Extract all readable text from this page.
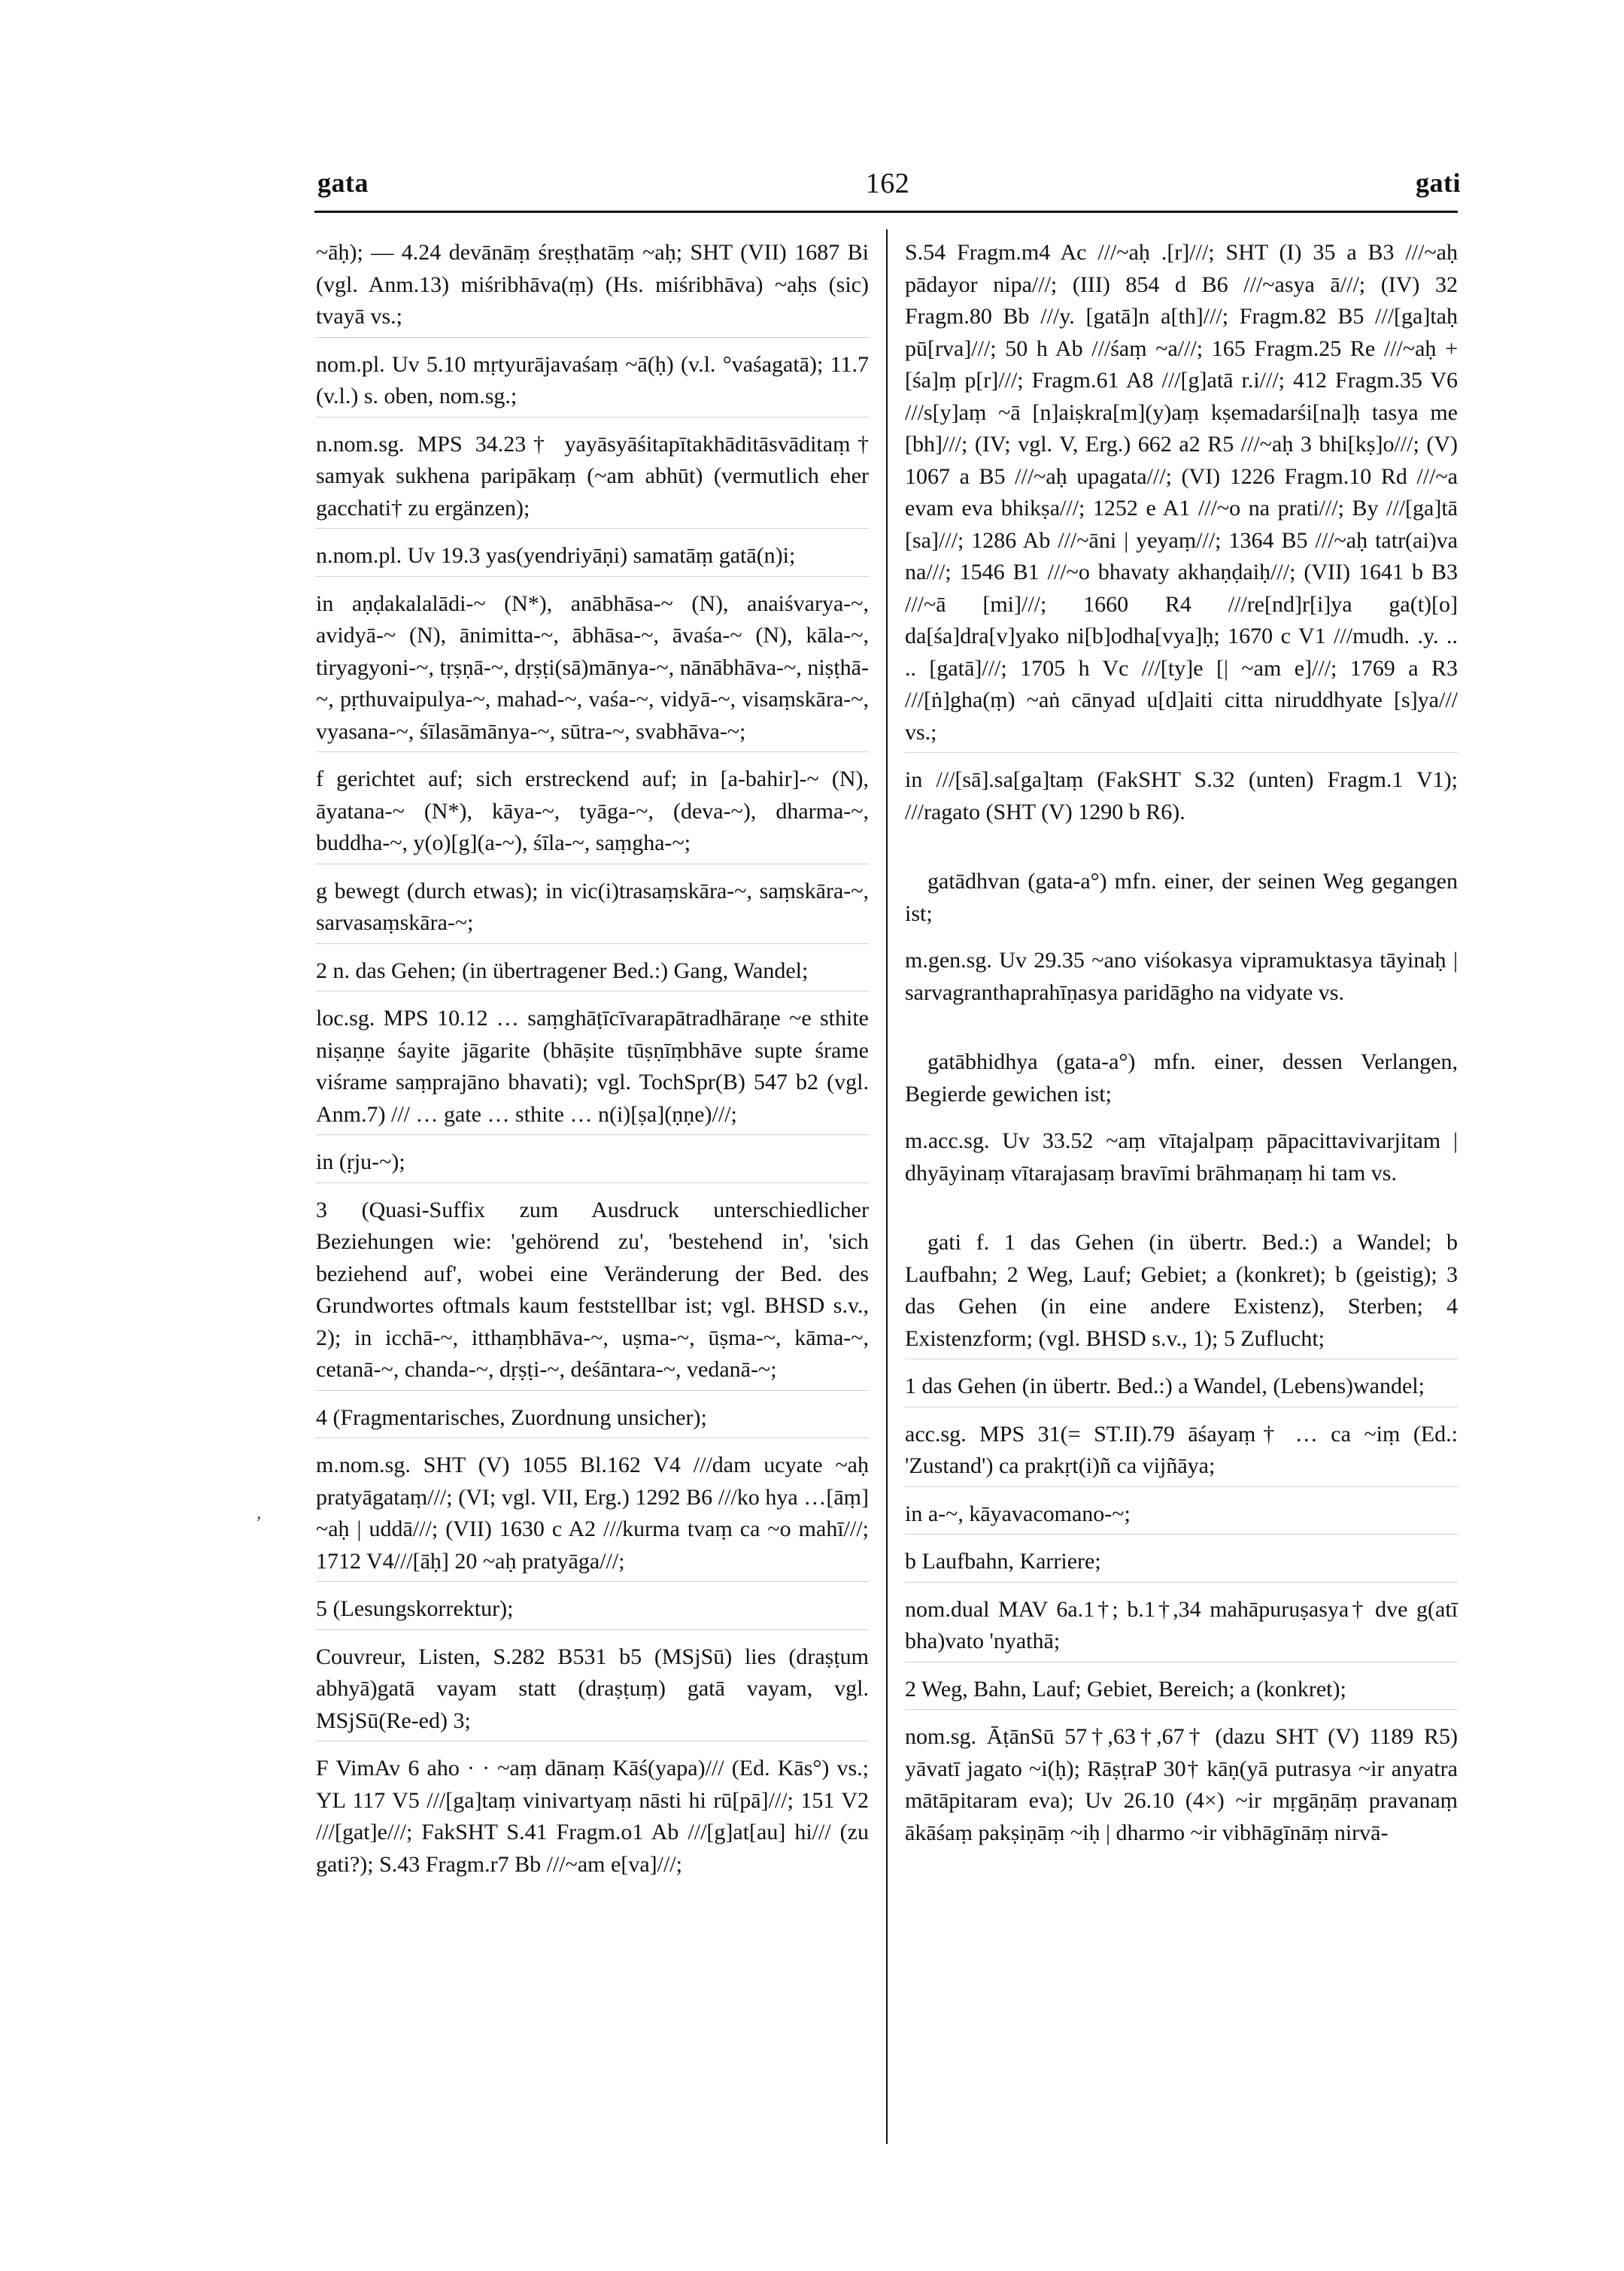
gata	162	gati
ʼ

~āḥ); — 4.24 devānāṃ śreṣṭhatāṃ ~aḥ; SHT (VII) 1687 Bi (vgl. Anm.13) miśribhāva(ṃ) (Hs. miśribhāva) ~aḥs (sic) tvayā vs.;

nom.pl. Uv 5.10 mṛtyurājavaśaṃ ~ā(ḥ) (v.l. °vaśagatā); 11.7 (v.l.) s. oben, nom.sg.;

n.nom.sg. MPS 34.23† yayāsyāśitapītakhāditāsvāditaṃ† samyak sukhena paripākaṃ (~am abhūt) (vermutlich eher gacchati† zu ergänzen);

n.nom.pl. Uv 19.3 yas(yendriyāṇi) samatāṃ gatā(n)i;

in aṇḍakalalādi-~ (N*), anābhāsa-~ (N), anaiśvarya-~, avidyā-~ (N), ānimitta-~, ābhāsa-~, āvaśa-~ (N), kāla-~, tiryagyoni-~, tṛṣṇā-~, dṛṣṭi(sā)mānya-~, nānābhāva-~, niṣṭhā-~, pṛthuvaipulya-~, mahad-~, vaśa-~, vidyā-~, visaṃskāra-~, vyasana-~, śīlasāmānya-~, sūtra-~, svabhāva-~;

f gerichtet auf; sich erstreckend auf; in [a-bahir]-~ (N), āyatana-~ (N*), kāya-~, tyāga-~, (deva-~), dharma-~, buddha-~, y(o)[g](a-~), śīla-~, saṃgha-~;

g bewegt (durch etwas); in vic(i)trasaṃskāra-~, saṃskāra-~, sarvasaṃskāra-~;

2 n. das Gehen; (in übertragener Bed.:) Gang, Wandel;

loc.sg. MPS 10.12 … saṃghāṭīcīvarapātradhāraṇe ~e sthite niṣaṇṇe śayite jāgarite (bhāṣite tūṣṇīṃbhāve supte śrame viśrame saṃprajāno bhavati); vgl. TochSpr(B) 547 b2 (vgl. Anm.7) /// … gate … sthite … n(i)[ṣa](ṇṇe)///;

in (ṛju-~);

3 (Quasi-Suffix zum Ausdruck unterschiedlicher Beziehungen wie: 'gehörend zu', 'bestehend in', 'sich beziehend auf', wobei eine Veränderung der Bed. des Grundwortes oftmals kaum feststellbar ist; vgl. BHSD s.v., 2); in icchā-~, itthaṃbhāva-~, uṣma-~, ūṣma-~, kāma-~, cetanā-~, chanda-~, dṛṣṭi-~, deśāntara-~, vedanā-~;

4 (Fragmentarisches, Zuordnung unsicher);

m.nom.sg. SHT (V) 1055 Bl.162 V4 ///dam ucyate ~aḥ pratyāgataṃ///; (VI; vgl. VII, Erg.) 1292 B6 ///ko hya …[āṃ] ~aḥ | uddā///; (VII) 1630 c A2 ///kurma tvaṃ ca ~o mahī///; 1712 V4///[āḥ] 20 ~aḥ pratyāga///;

5 (Lesungskorrektur);

Couvreur, Listen, S.282 B531 b5 (MSjSū) lies (draṣṭum abhyā)gatā vayam statt (draṣṭuṃ) gatā vayam, vgl. MSjSū(Re-ed) 3;

F VimAv 6 aho · · ~aṃ dānaṃ Kāś(yapa)/// (Ed. Kās°) vs.; YL 117 V5 ///[ga]taṃ vinivartyaṃ nāsti hi rū[pā]///; 151 V2 ///[gat]e///; FakSHT S.41 Fragm.o1 Ab ///[g]at[au] hi/// (zu gati?); S.43 Fragm.r7 Bb ///~am e[va]///;

S.54 Fragm.m4 Ac ///~aḥ .[r]///; SHT (I) 35 a B3 ///~aḥ pādayor nipa///; (III) 854 d B6 ///~asya ā///; (IV) 32 Fragm.80 Bb ///y. [gatā]n a[th]///; Fragm.82 B5 ///[ga]taḥ pū[rva]///; 50 h Ab ///śaṃ ~a///; 165 Fragm.25 Re ///~aḥ + [śa]ṃ p[r]///; Fragm.61 A8 ///[g]atā r.i///; 412 Fragm.35 V6 ///s[y]aṃ ~ā [n]aiṣkra[m](y)aṃ kṣemadarśi[na]ḥ tasya me [bh]///; (IV; vgl. V, Erg.) 662 a2 R5 ///~aḥ 3 bhi[kṣ]o///; (V) 1067 a B5 ///~aḥ upagata///; (VI) 1226 Fragm.10 Rd ///~a evam eva bhikṣa///; 1252 e A1 ///~o na prati///; By ///[ga]tā [sa]///; 1286 Ab ///~āni | yeyaṃ///; 1364 B5 ///~aḥ tatr(ai)va na///; 1546 B1 ///~o bhavaty akhaṇḍaiḥ///; (VII) 1641 b B3 ///~ā [mi]///; 1660 R4 ///re[nd]r[i]ya ga(t)[o] da[śa]dra[v]yako ni[b]odha[vya]ḥ; 1670 c V1 ///mudh. .y. .. .. [gatā]///; 1705 h Vc ///[ty]e [| ~am e]///; 1769 a R3 ///[ṅ]gha(ṃ) ~aṅ cānyad u[d]aiti citta niruddhyate [s]ya/// vs.;

in ///[sā].sa[ga]taṃ (FakSHT S.32 (unten) Fragm.1 V1); ///ragato (SHT (V) 1290 b R6).

gatādhvan (gata-a°) mfn. einer, der seinen Weg gegangen ist;

m.gen.sg. Uv 29.35 ~ano viśokasya vipramuktasya tāyinaḥ | sarvagranthaprahīṇasya paridāgho na vidyate vs.

gatābhidhya (gata-a°) mfn. einer, dessen Verlangen, Begierde gewichen ist;

m.acc.sg. Uv 33.52 ~aṃ vītajalpaṃ pāpacittavivarjitam | dhyāyinaṃ vītarajasaṃ bravīmi brāhmaṇaṃ hi tam vs.

gati f. 1 das Gehen (in übertr. Bed.:) a Wandel; b Laufbahn; 2 Weg, Lauf; Gebiet; a (konkret); b (geistig); 3 das Gehen (in eine andere Existenz), Sterben; 4 Existenzform; (vgl. BHSD s.v., 1); 5 Zuflucht;

1 das Gehen (in übertr. Bed.:) a Wandel, (Lebens)wandel;

acc.sg. MPS 31(= ST.II).79 āśayaṃ† … ca ~iṃ (Ed.: 'Zustand') ca prakṛt(i)ñ ca vijñāya;

in a-~, kāyavacomano-~;

b Laufbahn, Karriere;

nom.dual MAV 6a.1†; b.1†,34 mahāpuruṣasya† dve g(atī bha)vato 'nyathā;

2 Weg, Bahn, Lauf; Gebiet, Bereich; a (konkret);

nom.sg. ĀṭānSū 57†,63†,67† (dazu SHT (V) 1189 R5) yāvatī jagato ~i(ḥ); RāṣṭraP 30† kāṇ(yā putrasya ~ir anyatra mātāpitaram eva); Uv 26.10 (4×) ~ir mṛgāṇāṃ pravanaṃ ākāśaṃ pakṣiṇāṃ ~iḥ | dharmo ~ir vibhāgīnāṃ nirvā-
